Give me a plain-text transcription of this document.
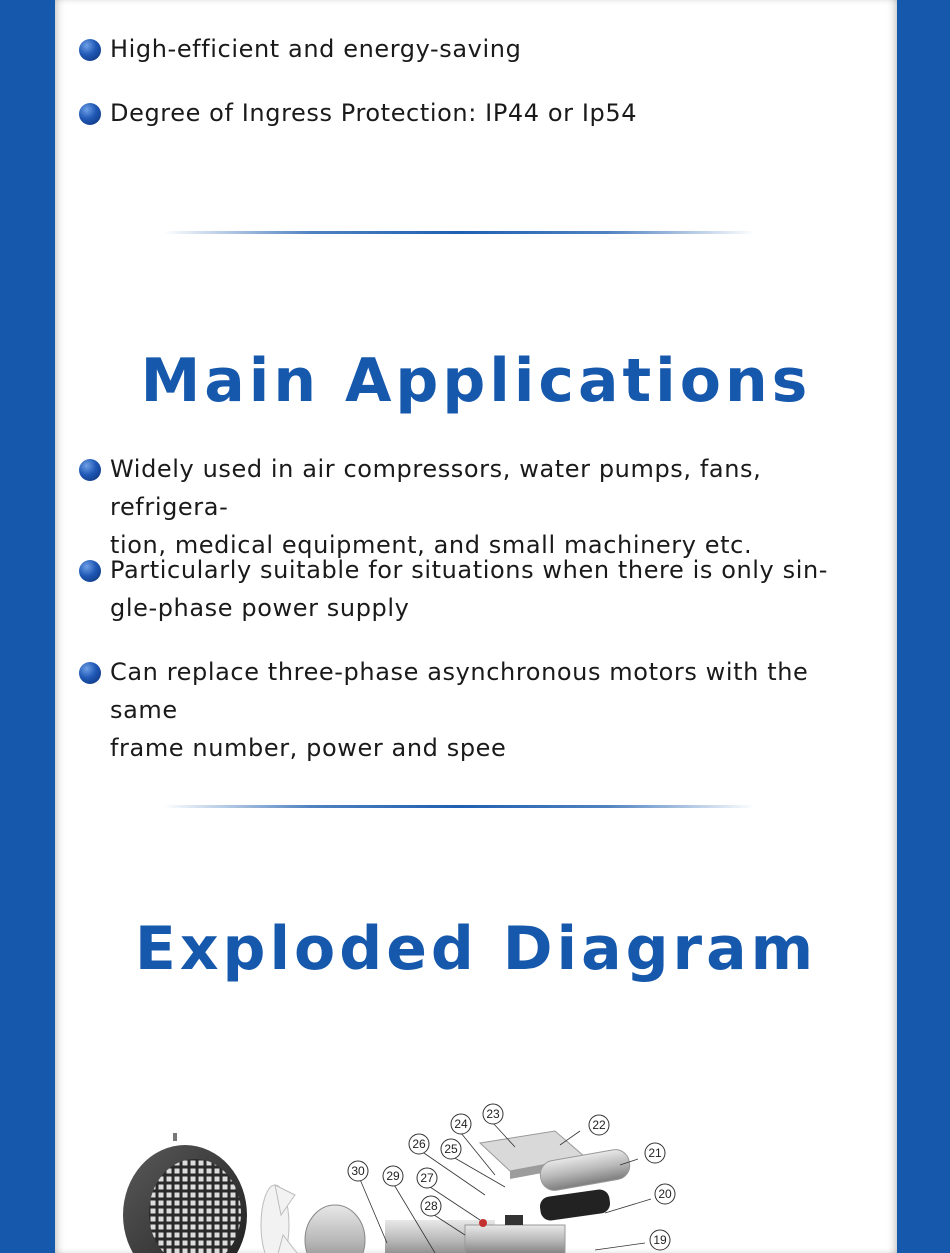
High-efficient and energy-saving
Degree of Ingress Protection: IP44 or Ip54
Main Applications
Widely used in air compressors, water pumps, fans, refrigera-
tion, medical equipment, and small machinery etc.
Particularly suitable for situations when there is only sin-
gle-phase power supply
Can replace three-phase asynchronous motors with the same
frame number, power and spee
Exploded Diagram
23
24	22
26 25	21
30 29 27
20
28
19
